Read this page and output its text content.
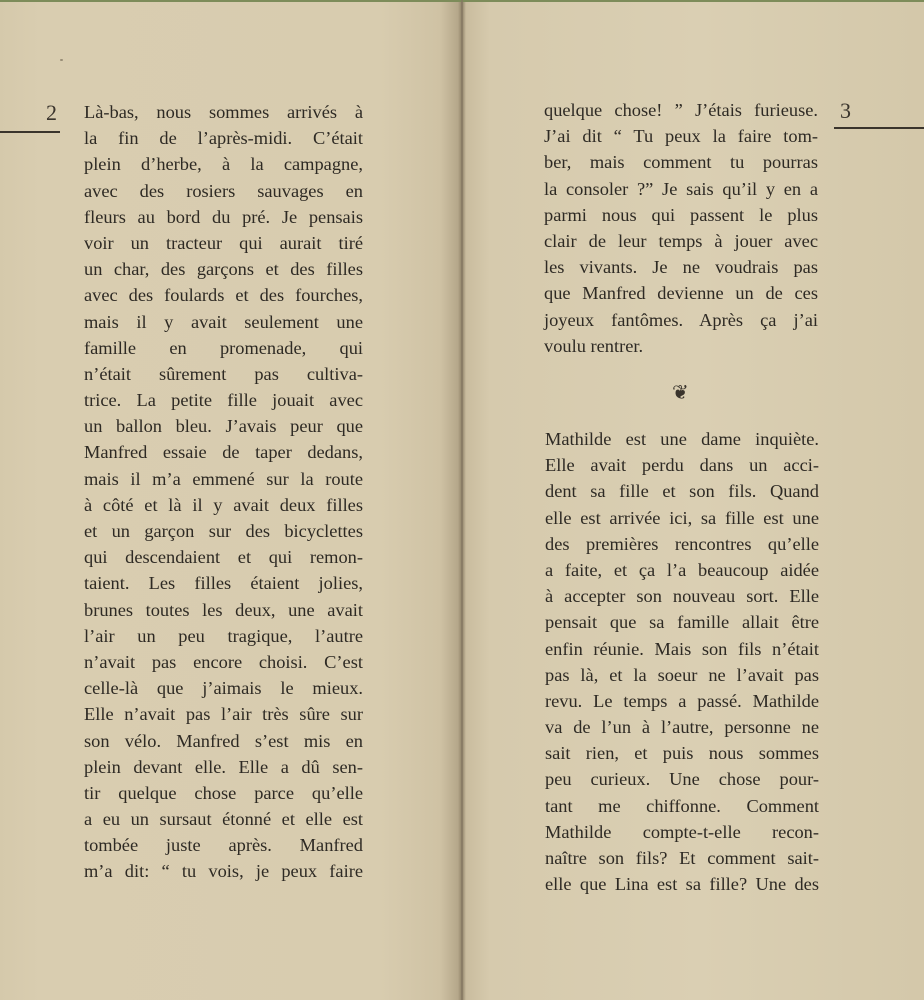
2 Là-bas, nous sommes arrivés à
la fin de l’après-midi. C’était
plein d’herbe, à la campagne,
avec des rosiers sauvages en
fleurs au bord du pré. Je pensais
voir un tracteur qui aurait tiré
un char, des garçons et des filles
avec des foulards et des fourches,
mais il y avait seulement une
famille en promenade, qui
n’était sûrement pas cultiva-
trice. La petite fille jouait avec
un ballon bleu. J’avais peur que
Manfred essaie de taper dedans,
mais il m’a emmené sur la route
à côté et là il y avait deux filles
et un garçon sur des bicyclettes
qui descendaient et qui remon-
taient. Les filles étaient jolies,
brunes toutes les deux, une avait
l’air un peu tragique, l’autre
n’avait pas encore choisi. C’est
celle-là que j’aimais le mieux.
Elle n’avait pas l’air très sûre sur
son vélo. Manfred s’est mis en
plein devant elle. Elle a dû sen-
tir quelque chose parce qu’elle
a eu un sursaut étonné et elle est
tombée juste après. Manfred
m’a dit: “ tu vois, je peux faire
quelque chose! ” J’étais furieuse.
J’ai dit “ Tu peux la faire tom-
ber, mais comment tu pourras
la consoler ?” Je sais qu’il y en a
parmi nous qui passent le plus
clair de leur temps à jouer avec
les vivants. Je ne voudrais pas
que Manfred devienne un de ces
joyeux fantômes. Après ça j’ai
voulu rentrer.
3
❦
Mathilde est une dame inquiète.
Elle avait perdu dans un acci-
dent sa fille et son fils. Quand
elle est arrivée ici, sa fille est une
des premières rencontres qu’elle
a faite, et ça l’a beaucoup aidée
à accepter son nouveau sort. Elle
pensait que sa famille allait être
enfin réunie. Mais son fils n’était
pas là, et la soeur ne l’avait pas
revu. Le temps a passé. Mathilde
va de l’un à l’autre, personne ne
sait rien, et puis nous sommes
peu curieux. Une chose pour-
tant me chiffonne. Comment
Mathilde compte-t-elle recon-
naître son fils? Et comment sait-
elle que Lina est sa fille? Une des
